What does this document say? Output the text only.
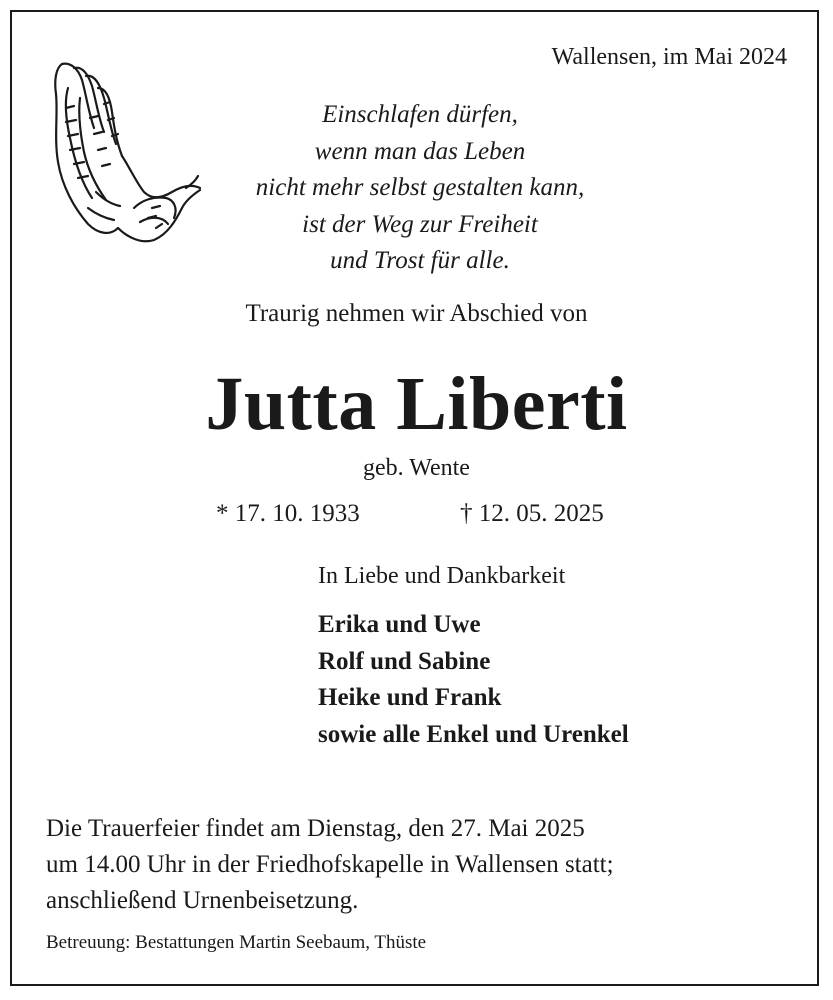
Wallensen, im Mai 2024
Einschlafen dürfen,
wenn man das Leben
nicht mehr selbst gestalten kann,
ist der Weg zur Freiheit
und Trost für alle.
Traurig nehmen wir Abschied von
Jutta Liberti
geb. Wente
* 17. 10. 1933	† 12. 05. 2025
In Liebe und Dankbarkeit
Erika und Uwe
Rolf und Sabine
Heike und Frank
sowie alle Enkel und Urenkel
Die Trauerfeier findet am Dienstag, den 27. Mai 2025
um 14.00 Uhr in der Friedhofskapelle in Wallensen statt;
anschließend Urnenbeisetzung.
Betreuung: Bestattungen Martin Seebaum, Thüste
